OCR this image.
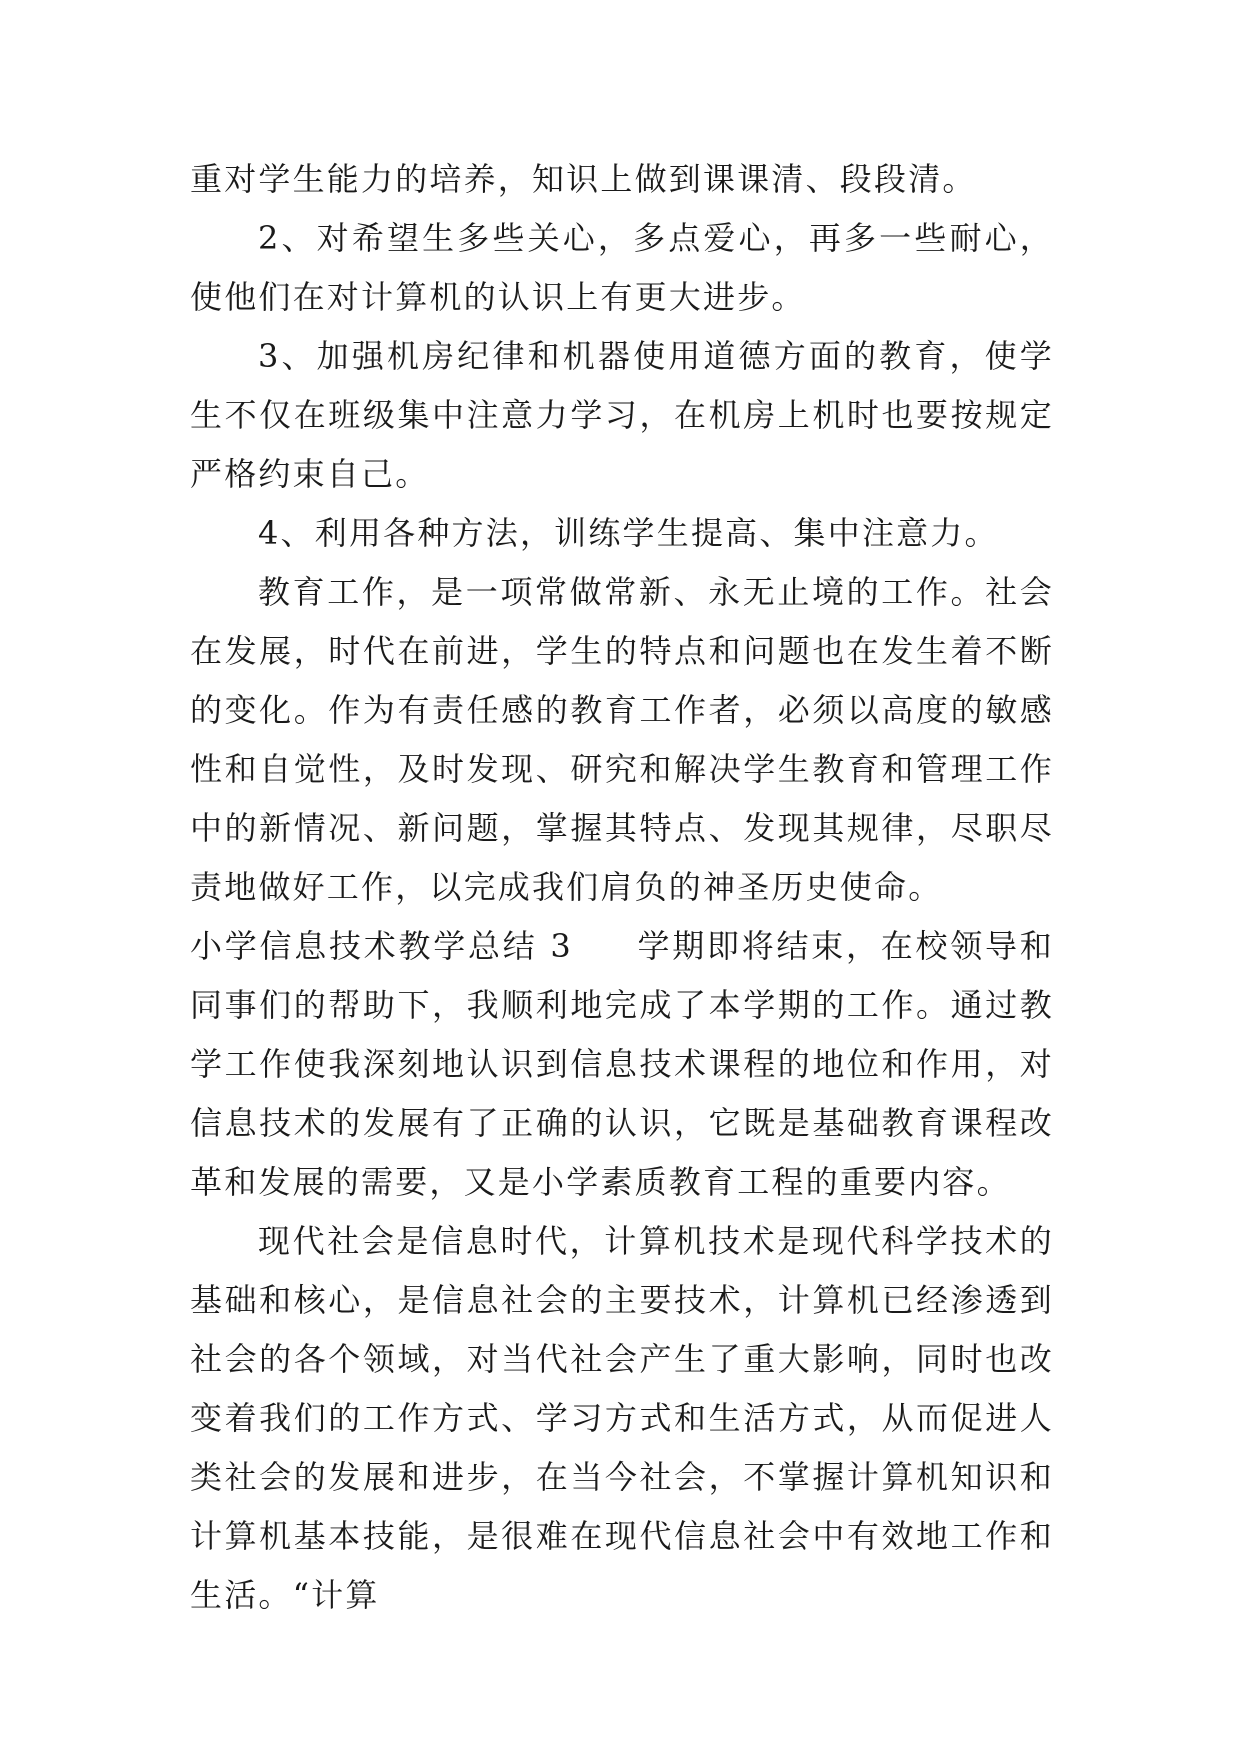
重对学生能力的培养，知识上做到课课清、段段清。

2、对希望生多些关心，多点爱心，再多一些耐心，使他们在对计算机的认识上有更大进步。

3、加强机房纪律和机器使用道德方面的教育，使学生不仅在班级集中注意力学习，在机房上机时也要按规定严格约束自己。

4、利用各种方法，训练学生提高、集中注意力。

教育工作，是一项常做常新、永无止境的工作。社会在发展，时代在前进，学生的特点和问题也在发生着不断的变化。作为有责任感的教育工作者，必须以高度的敏感性和自觉性，及时发现、研究和解决学生教育和管理工作中的新情况、新问题，掌握其特点、发现其规律，尽职尽责地做好工作，以完成我们肩负的神圣历史使命。

小学信息技术教学总结 3 学期即将结束，在校领导和同事们的帮助下，我顺利地完成了本学期的工作。通过教学工作使我深刻地认识到信息技术课程的地位和作用，对信息技术的发展有了正确的认识，它既是基础教育课程改革和发展的需要，又是小学素质教育工程的重要内容。

现代社会是信息时代，计算机技术是现代科学技术的基础和核心，是信息社会的主要技术，计算机已经渗透到社会的各个领域，对当代社会产生了重大影响，同时也改变着我们的工作方式、学习方式和生活方式，从而促进人类社会的发展和进步，在当今社会，不掌握计算机知识和计算机基本技能，是很难在现代信息社会中有效地工作和生活。“计算
